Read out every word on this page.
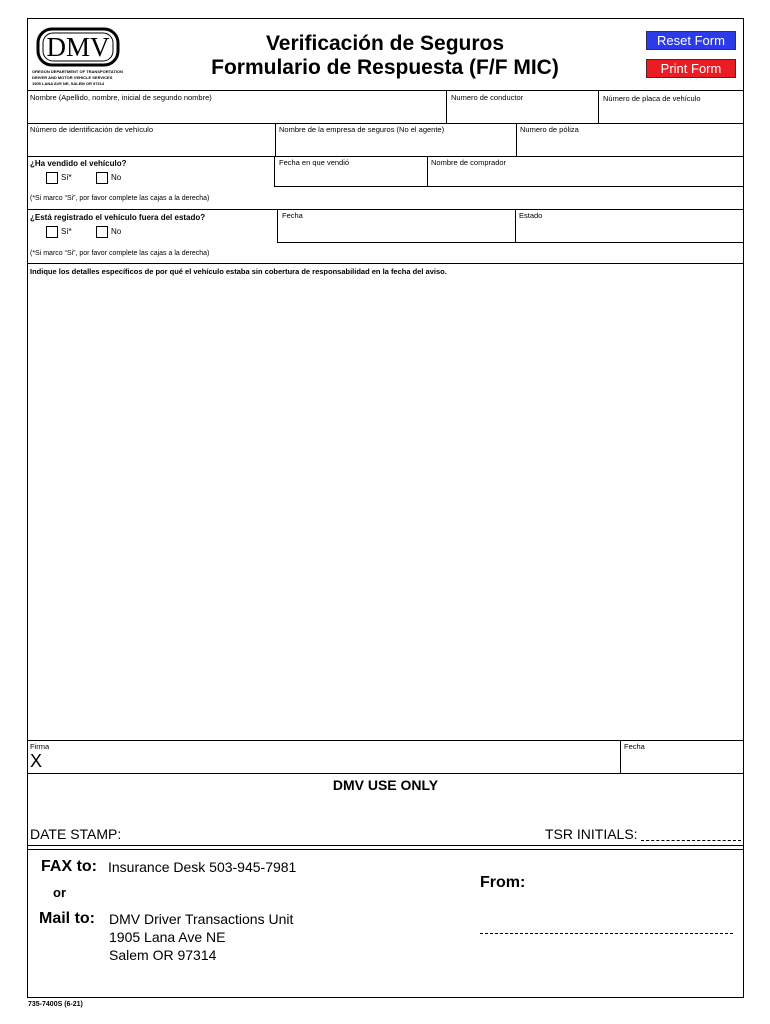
DMV
OREGON DEPARTMENT OF TRANSPORTATION
DRIVER AND MOTOR VEHICLE SERVICES
1905 LANA AVE NE, SALEM OR 97314
Verificación de Seguros
Formulario de Respuesta (F/F MIC)
Reset Form
Print Form
Nombre (Apellido, nombre, inicial de segundo nombre)	Numero de conductor	Número de placa de vehículo
Número de identificación de vehículo	Nombre de la empresa de seguros (No el agente)	Numero de póliza
¿Ha vendido el vehículo?
Sí*	No
Fecha en que vendió	Nombre de comprador
(*Si marco “Si”, por favor complete las cajas a la derecha)
¿Está registrado el vehículo fuera del estado?
Sí*	No
Fecha	Estado
(*Si marco “Si”, por favor complete las cajas a la derecha)
Indique los detalles específicos de por qué el vehículo estaba sin cobertura de responsabilidad en la fecha del aviso.
Firma
X
Fecha
DMV USE ONLY
DATE STAMP:	TSR INITIALS:
FAX to: Insurance Desk 503-945-7981
or
Mail to: DMV Driver Transactions Unit
1905 Lana Ave NE
Salem OR 97314
From:
735-7400S (6-21)
